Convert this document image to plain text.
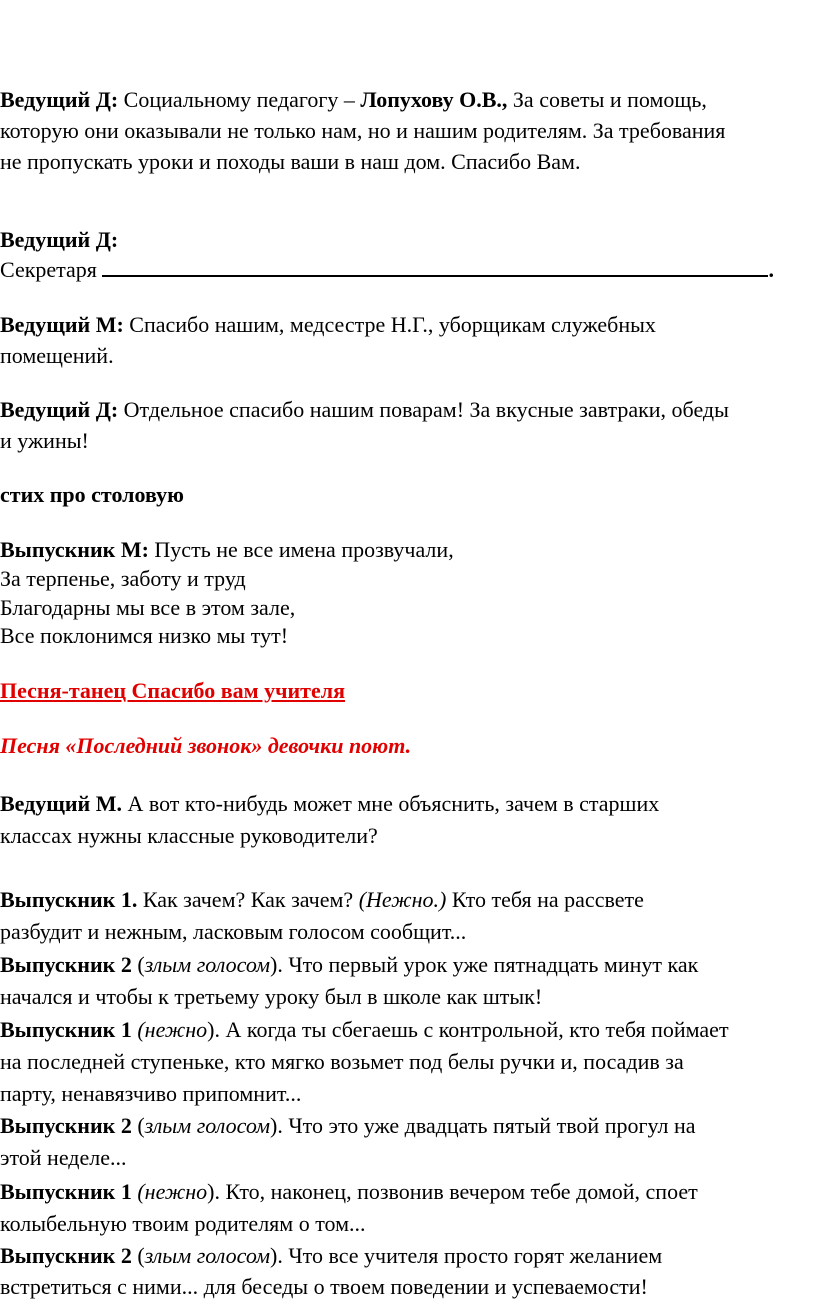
Ведущий Д: Социальному педагогу – Лопухову О.В., За советы и помощь,
которую они оказывали не только нам, но и нашим родителям. За требования
не пропускать уроки и походы ваши в наш дом. Спасибо Вам.
Ведущий Д:
Секретаря	.
Ведущий М: Спасибо нашим, медсестре Н.Г., уборщикам служебных
помещений.
Ведущий Д: Отдельное спасибо нашим поварам! За вкусные завтраки, обеды
и ужины!
стих про столовую
Выпускник М: Пусть не все имена прозвучали,
За терпенье, заботу и труд
Благодарны мы все в этом зале,
Все поклонимся низко мы тут!
Песня-танец Спасибо вам учителя
Песня «Последний звонок» девочки поют.
Ведущий М. А вот кто-нибудь может мне объяснить, зачем в старших
классах нужны классные руководители?
Выпускник 1. Как зачем? Как зачем? (Нежно.) Кто тебя на рассвете
разбудит и нежным, ласковым голосом сообщит...
Выпускник 2 (злым голосом). Что первый урок уже пятнадцать минут как
начался и чтобы к третьему уроку был в школе как штык!
Выпускник 1 (нежно). А когда ты сбегаешь с контрольной, кто тебя поймает
на последней ступеньке, кто мягко возьмет под белы ручки и, посадив за
парту, ненавязчиво припомнит...
Выпускник 2 (злым голосом). Что это уже двадцать пятый твой прогул на
этой неделе...
Выпускник 1 (нежно). Кто, наконец, позвонив вечером тебе домой, споет
колыбельную твоим родителям о том...
Выпускник 2 (злым голосом). Что все учителя просто горят желанием
встретиться с ними... для беседы о твоем поведении и успеваемости!
